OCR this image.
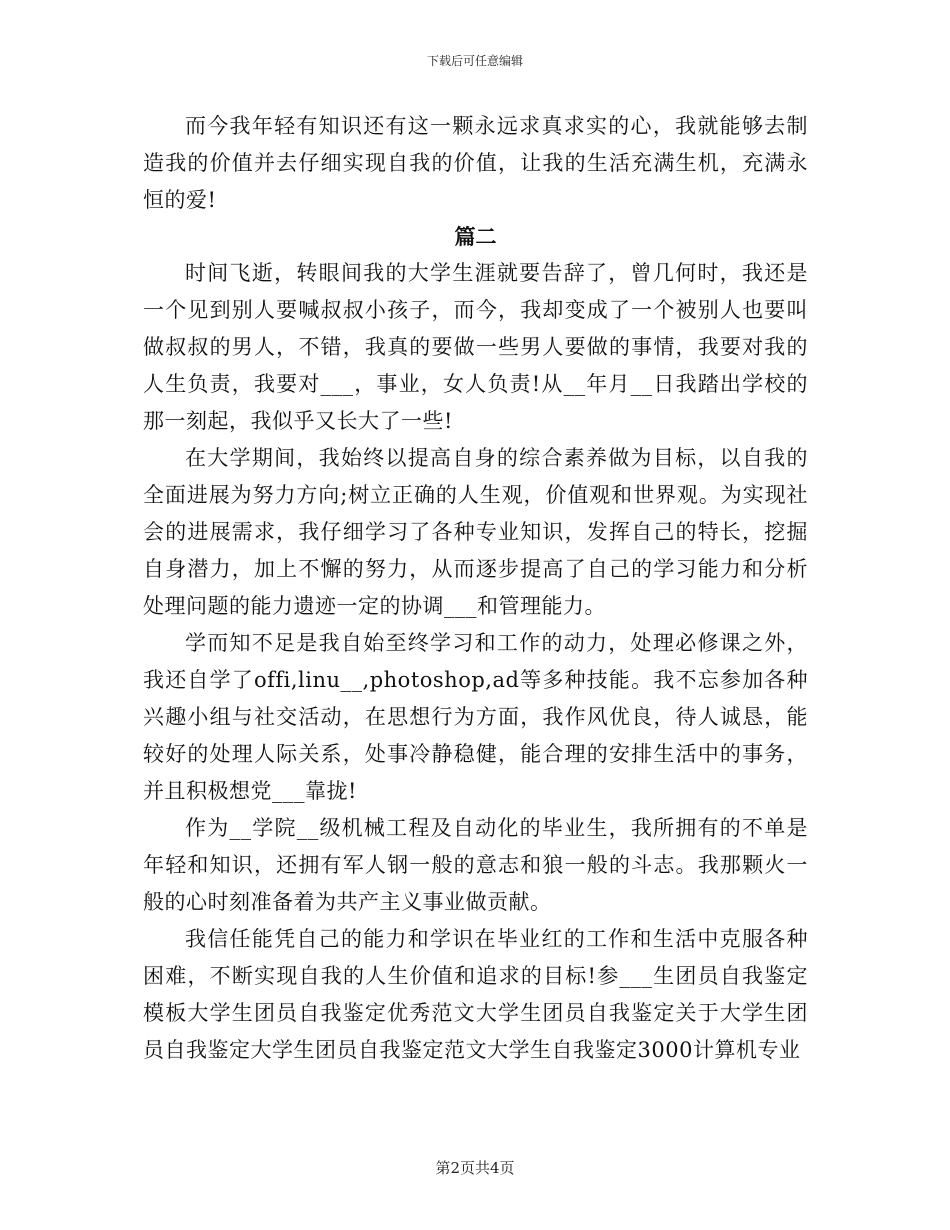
下载后可任意编辑

而今我年轻有知识还有这一颗永远求真求实的心，我就能够去制造我的价值并去仔细实现自我的价值，让我的生活充满生机，充满永恒的爱!

篇二

时间飞逝，转眼间我的大学生涯就要告辞了，曾几何时，我还是一个见到别人要喊叔叔小孩子，而今，我却变成了一个被别人也要叫做叔叔的男人，不错，我真的要做一些男人要做的事情，我要对我的人生负责，我要对___，事业，女人负责!从__年月__日我踏出学校的那一刻起，我似乎又长大了一些!

在大学期间，我始终以提高自身的综合素养做为目标，以自我的全面进展为努力方向;树立正确的人生观，价值观和世界观。为实现社会的进展需求，我仔细学习了各种专业知识，发挥自己的特长，挖掘自身潜力，加上不懈的努力，从而逐步提高了自己的学习能力和分析处理问题的能力遗迹一定的协调___和管理能力。

学而知不足是我自始至终学习和工作的动力，处理必修课之外，我还自学了offi,linu__,photoshop,ad等多种技能。我不忘参加各种兴趣小组与社交活动，在思想行为方面，我作风优良，待人诚恳，能较好的处理人际关系，处事冷静稳健，能合理的安排生活中的事务，并且积极想党___靠拢!

作为__学院__级机械工程及自动化的毕业生，我所拥有的不单是年轻和知识，还拥有军人钢一般的意志和狼一般的斗志。我那颗火一般的心时刻准备着为共产主义事业做贡献。

我信任能凭自己的能力和学识在毕业红的工作和生活中克服各种困难，不断实现自我的人生价值和追求的目标!参___生团员自我鉴定模板大学生团员自我鉴定优秀范文大学生团员自我鉴定关于大学生团员自我鉴定大学生团员自我鉴定范文大学生自我鉴定3000计算机专业

第2页共4页
